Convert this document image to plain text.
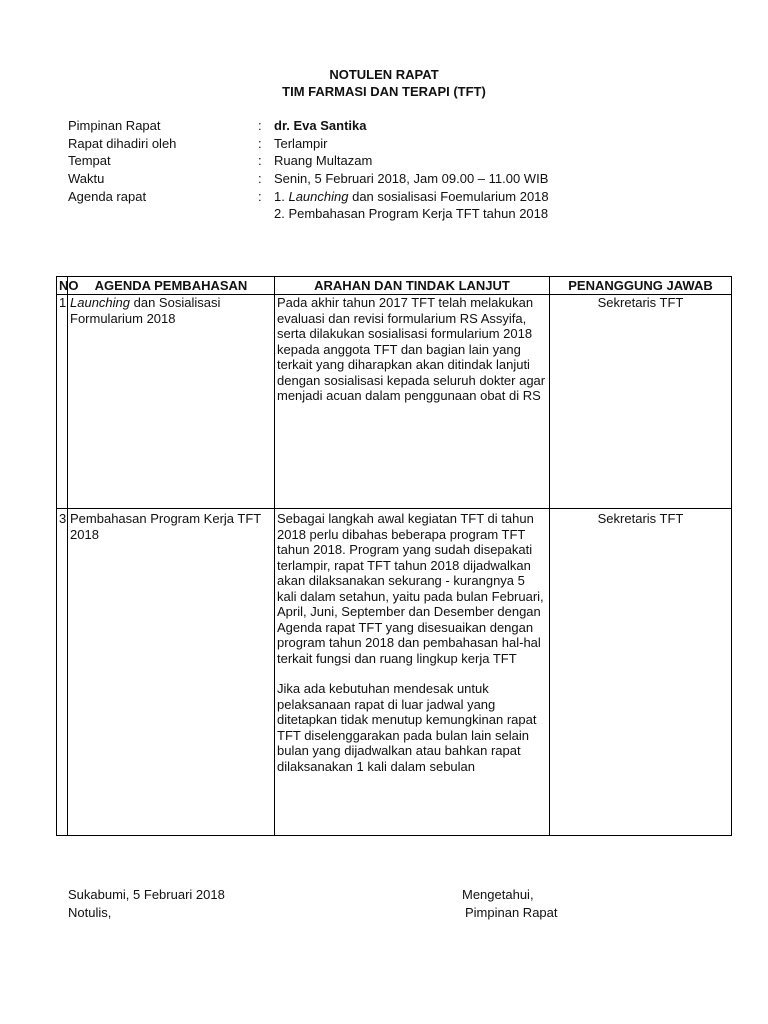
NOTULEN RAPAT
TIM FARMASI DAN TERAPI (TFT)
Pimpinan Rapat	: dr. Eva Santika
Rapat dihadiri oleh	: Terlampir
Tempat	: Ruang Multazam
Waktu	: Senin, 5 Februari 2018, Jam 09.00 – 11.00 WIB
Agenda rapat	: 1. Launching dan sosialisasi Foemularium 2018
2. Pembahasan Program Kerja TFT tahun 2018
NO	AGENDA PEMBAHASAN	ARAHAN DAN TINDAK LANJUT	PENANGGUNG JAWAB
1	Launching dan Sosialisasi Formularium 2018	Pada akhir tahun 2017 TFT telah melakukan evaluasi dan revisi formularium RS Assyifa, serta dilakukan sosialisasi formularium 2018 kepada anggota TFT dan bagian lain yang terkait yang diharapkan akan ditindak lanjuti dengan sosialisasi kepada seluruh dokter agar menjadi acuan dalam penggunaan obat di RS	Sekretaris TFT
3	Pembahasan Program Kerja TFT 2018	Sebagai langkah awal kegiatan TFT di tahun 2018 perlu dibahas beberapa program TFT tahun 2018. Program yang sudah disepakati terlampir, rapat TFT tahun 2018 dijadwalkan akan dilaksanakan sekurang - kurangnya 5 kali dalam setahun, yaitu pada bulan Februari, April, Juni, September dan Desember dengan Agenda rapat TFT yang disesuaikan dengan program tahun 2018 dan pembahasan hal-hal terkait fungsi dan ruang lingkup kerja TFT
Jika ada kebutuhan mendesak untuk pelaksanaan rapat di luar jadwal yang ditetapkan tidak menutup kemungkinan rapat TFT diselenggarakan pada bulan lain selain bulan yang dijadwalkan atau bahkan rapat dilaksanakan 1 kali dalam sebulan	Sekretaris TFT
Sukabumi, 5 Februari 2018
Notulis,
Mengetahui,
Pimpinan Rapat
